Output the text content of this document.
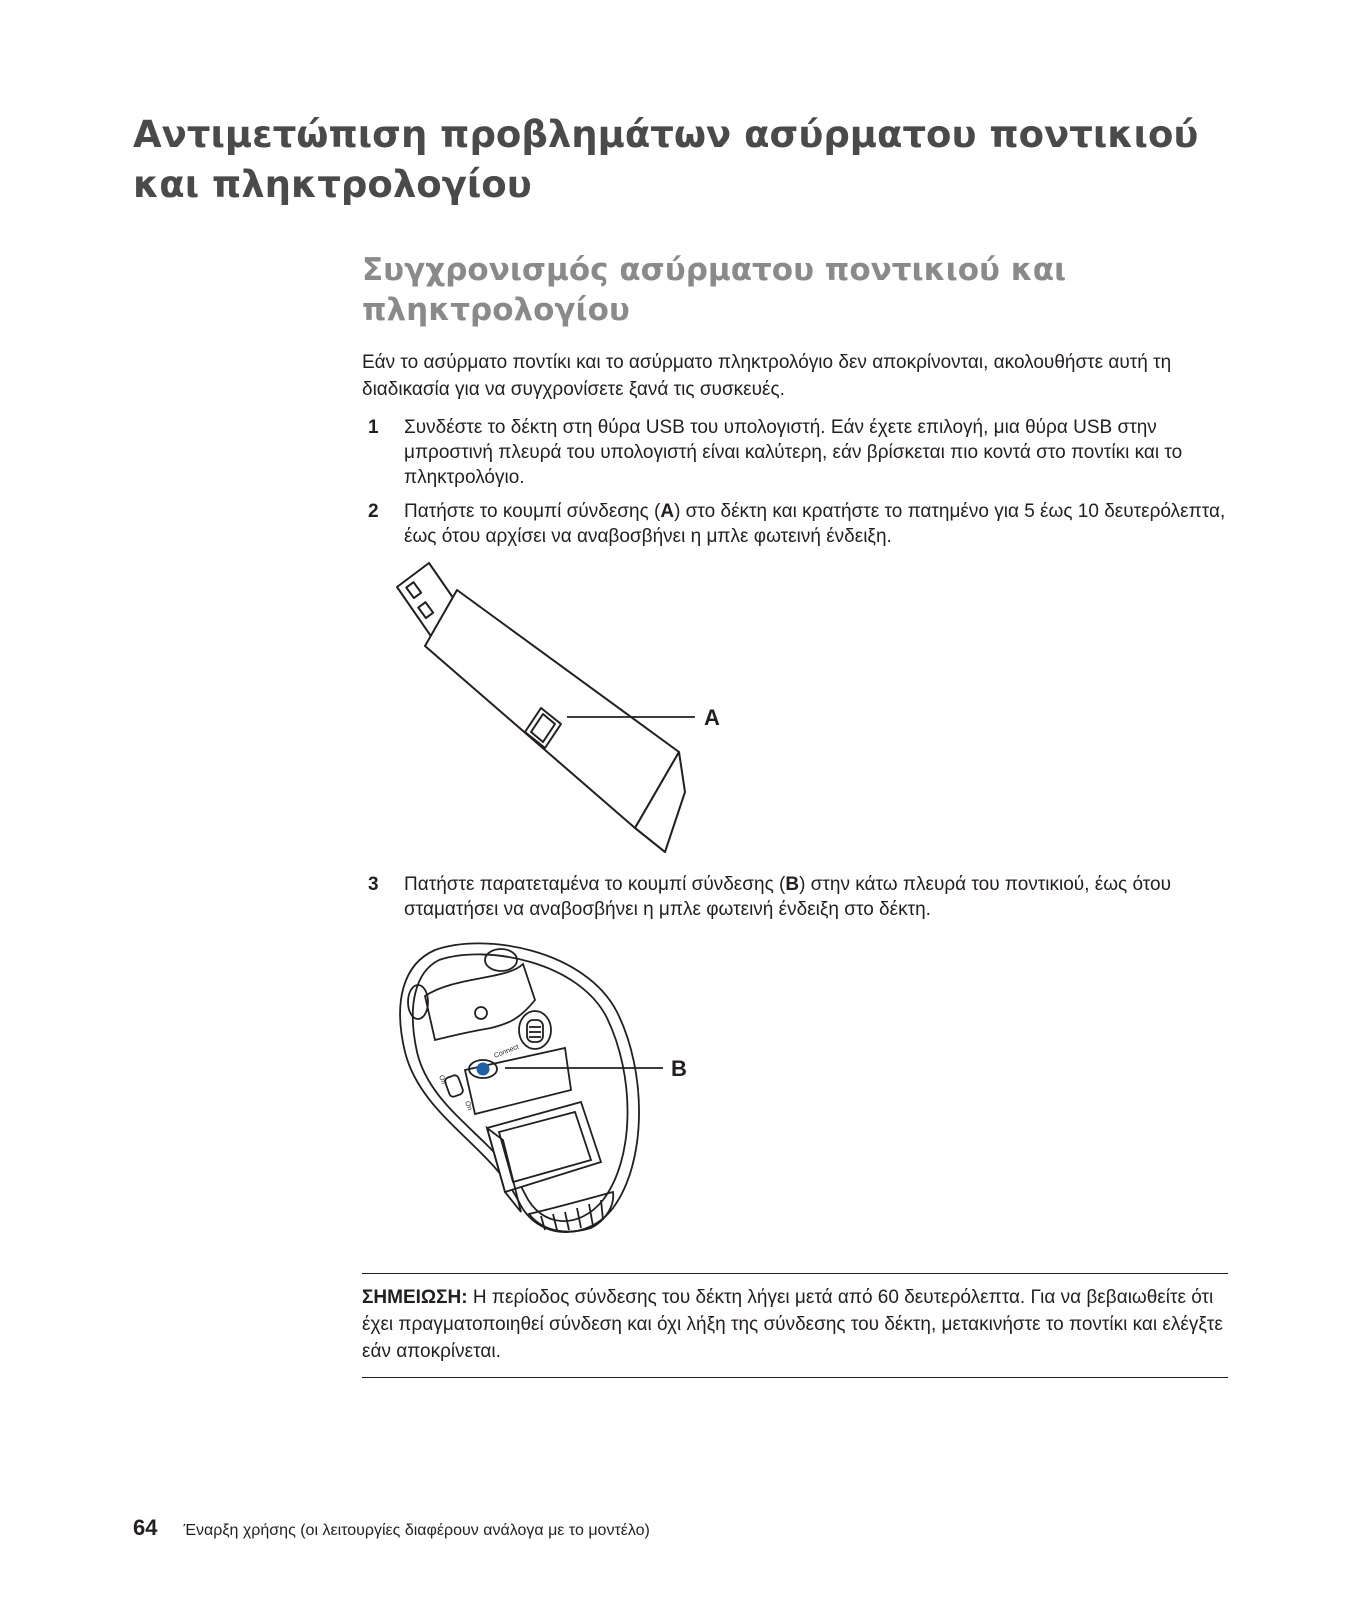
Αντιμετώπιση προβλημάτων ασύρματου ποντικιού και πληκτρολογίου
Συγχρονισμός ασύρματου ποντικιού και πληκτρολογίου

Εάν το ασύρματο ποντίκι και το ασύρματο πληκτρολόγιο δεν αποκρίνονται, ακολουθήστε αυτή τη διαδικασία για να συγχρονίσετε ξανά τις συσκευές.

1 Συνδέστε το δέκτη στη θύρα USB του υπολογιστή. Εάν έχετε επιλογή, μια θύρα USB στην μπροστινή πλευρά του υπολογιστή είναι καλύτερη, εάν βρίσκεται πιο κοντά στο ποντίκι και το πληκτρολόγιο.
2 Πατήστε το κουμπί σύνδεσης (A) στο δέκτη και κρατήστε το πατημένο για 5 έως 10 δευτερόλεπτα, έως ότου αρχίσει να αναβοσβήνει η μπλε φωτεινή ένδειξη.
A
3 Πατήστε παρατεταμένα το κουμπί σύνδεσης (B) στην κάτω πλευρά του ποντικιού, έως ότου σταματήσει να αναβοσβήνει η μπλε φωτεινή ένδειξη στο δέκτη.
Connect
Off
On
B
ΣΗΜΕΙΩΣΗ: Η περίοδος σύνδεσης του δέκτη λήγει μετά από 60 δευτερόλεπτα. Για να βεβαιωθείτε ότι έχει πραγματοποιηθεί σύνδεση και όχι λήξη της σύνδεσης του δέκτη, μετακινήστε το ποντίκι και ελέγξτε εάν αποκρίνεται.
64 Έναρξη χρήσης (οι λειτουργίες διαφέρουν ανάλογα με το μοντέλο)
